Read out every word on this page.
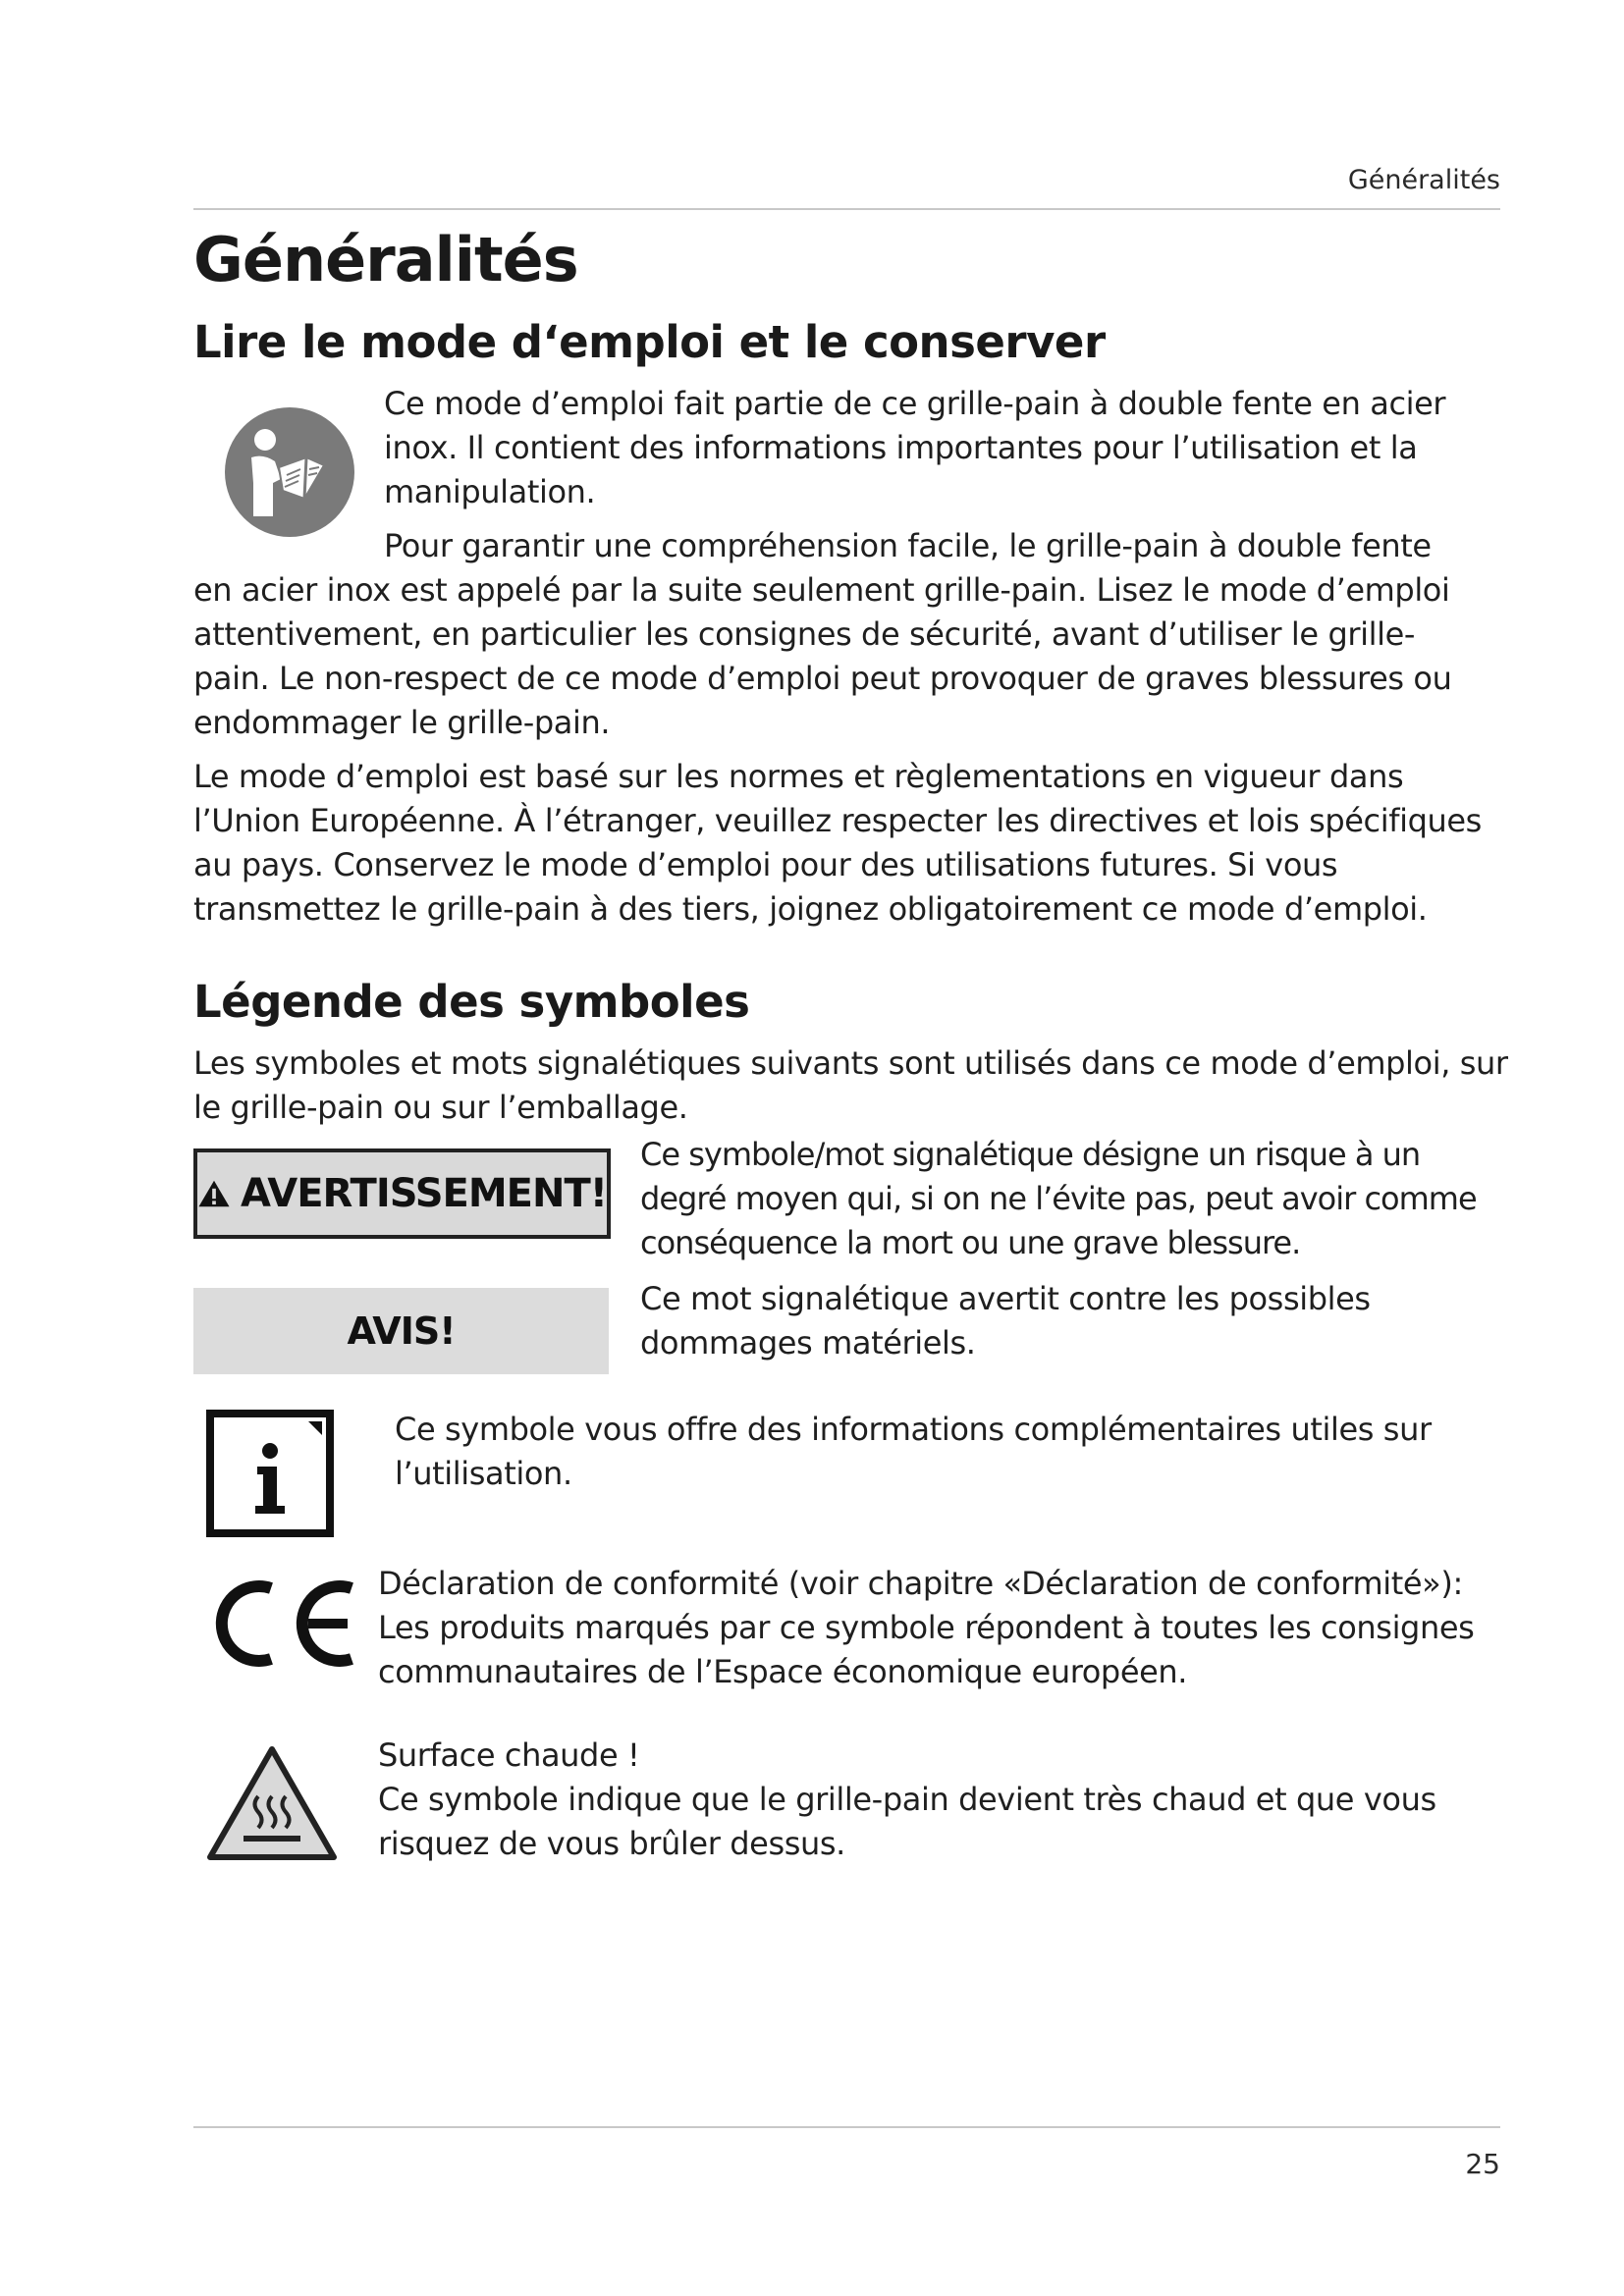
Généralités
Généralités
Lire le mode d‘emploi et le conserver
Ce mode d’emploi fait partie de ce grille-pain à double fente en acier
inox. Il contient des informations importantes pour l’utilisation et la
manipulation.
Pour garantir une compréhension facile, le grille-pain à double fente
en acier inox est appelé par la suite seulement grille-pain. Lisez le mode d’emploi
attentivement, en particulier les consignes de sécurité, avant d’utiliser le grille-
pain. Le non-respect de ce mode d’emploi peut provoquer de graves blessures ou
endommager le grille-pain.
Le mode d’emploi est basé sur les normes et règlementations en vigueur dans
l’Union Européenne. À l’étranger, veuillez respecter les directives et lois spécifiques
au pays. Conservez le mode d’emploi pour des utilisations futures. Si vous
transmettez le grille-pain à des tiers, joignez obligatoirement ce mode d’emploi.
Légende des symboles
Les symboles et mots signalétiques suivants sont utilisés dans ce mode d’emploi, sur
le grille-pain ou sur l’emballage.
AVERTISSEMENT!
Ce symbole/mot signalétique désigne un risque à un
degré moyen qui, si on ne l’évite pas, peut avoir comme
conséquence la mort ou une grave blessure.
AVIS!
Ce mot signalétique avertit contre les possibles
dommages matériels.
Ce symbole vous offre des informations complémentaires utiles sur
l’utilisation.
Déclaration de conformité (voir chapitre «Déclaration de conformité»):
Les produits marqués par ce symbole répondent à toutes les consignes
communautaires de l’Espace économique européen.
Surface chaude !
Ce symbole indique que le grille-pain devient très chaud et que vous
risquez de vous brûler dessus.
25
